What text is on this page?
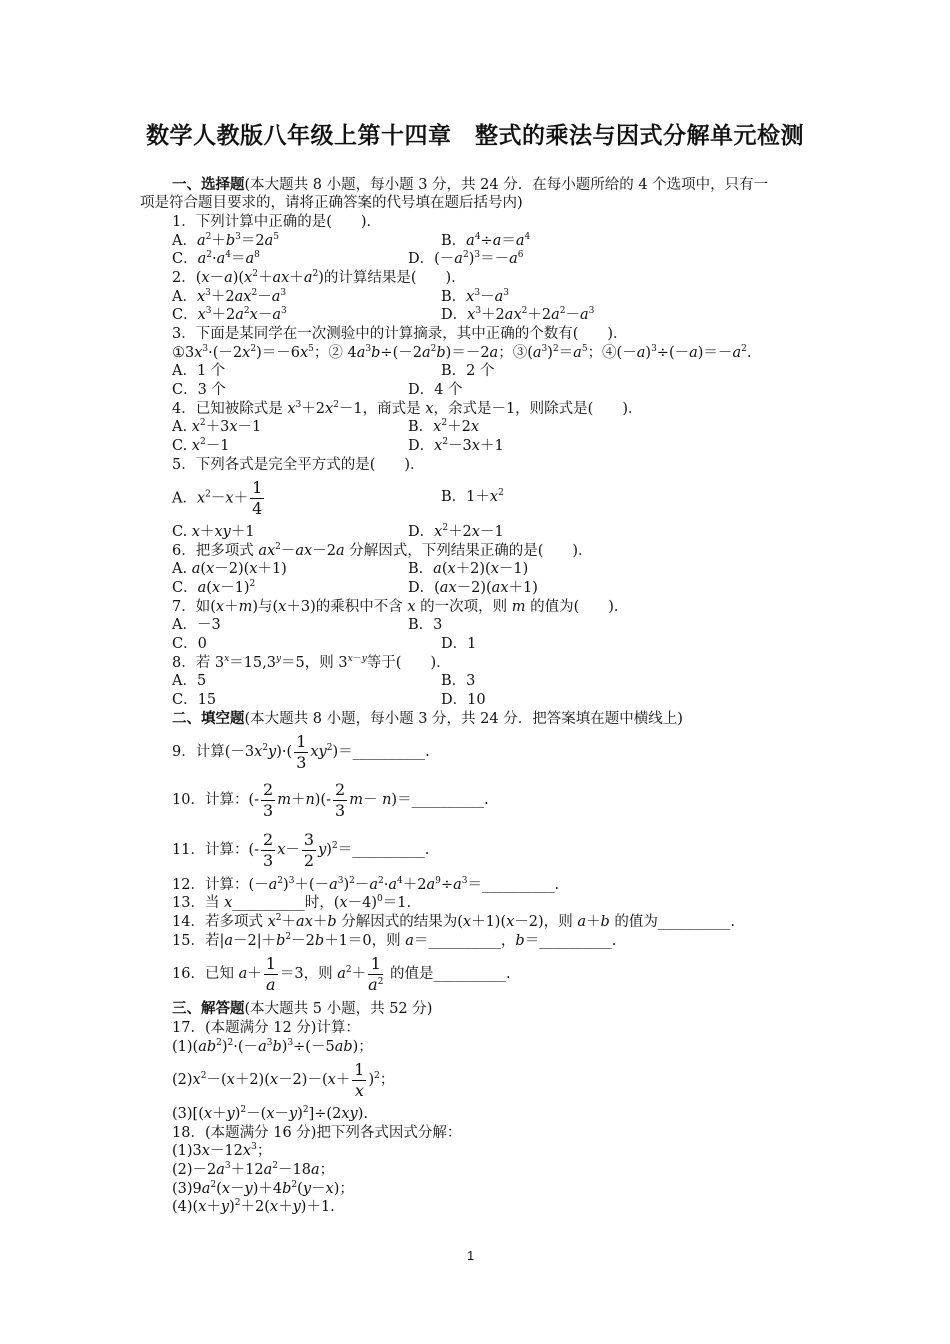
数学人教版八年级上第十四章　整式的乘法与因式分解单元检测
一、选择题(本大题共 8 小题，每小题 3 分，共 24 分．在每小题所给的 4 个选项中，只有一
项是符合题目要求的，请将正确答案的代号填在题后括号内)
1．下列计算中正确的是(　　)．
A．$a^2+b^3=2a^5$	B．$a^4\div a=a^4$
C．$a^2\cdot a^4=a^8$	D．$(-a^2)^3=-a^6$
2．$(x-a)(x^2+ax+a^2)$的计算结果是(　　)．
A．$x^3+2ax^2-a^3$	B．$x^3-a^3$
C．$x^3+2a^2x-a^3$	D．$x^3+2ax^2+2a^2-a^3$
3．下面是某同学在一次测验中的计算摘录，其中正确的个数有(　　)．
$①3x^3\cdot(-2x^2)=-6x^5$；② $4a^3b\div(-2a^2b)=-2a$；$③(a^3)^2=a^5$；$④(-a)^3\div(-a)=-a^2$.
A．1 个	B．2 个
C．3 个	D．4 个
4．已知被除式是 $x^3+2x^2-1$，商式是 x，余式是－1，则除式是(　　)．
A. $x^2+3x-1$	B．$x^2+2x$
C. $x^2-1$	D．$x^2-3x+1$
5．下列各式是完全平方式的是(　　)．
A．$x^2-x+ \frac{1}{4}$	B．$1+x^2$
C. x＋xy＋1	D．$x^2+2x-1$
6．把多项式 $ax^2-ax-2a$ 分解因式，下列结果正确的是(　　)．
A. a(x－2)(x＋1)	B．a(x＋2)(x－1)
C．$a(x-1)^2$	D．(ax－2)(ax＋1)
7．如(x＋m)与(x＋3)的乘积中不含 x 的一次项，则 m 的值为(　　)．
A．－3	B．3
C．0	D．1
8．若 $3^x=15,3^y=5$，则 $3^{x-y}$等于(　　)．
A．5	B．3
C．15	D．10
二、填空题(本大题共 8 小题，每小题 3 分，共 24 分．把答案填在题中横线上)
9．计算$(-3x^2y)\cdot( \frac{1}{3}$ $xy^2)=\_\_\_\_\_\_\_\_\_\_$.
10．计算：(- $\frac{2}{3} m+n)(- \frac{2}{3} m-$ n)＝__________.
11．计算：(- $\frac{2}{3} x- \frac{3}{2}$ y)$^2$＝__________.
12．计算：$(-a^2)^3+(-a^3)^2-a^2\cdot a^4+2a^9\div a^3=\_\_\_\_\_\_\_\_\_\_$.
13．当 x__________时，$(x-4)^0=1$.
14．若多项式 $x^2+ax+b$ 分解因式的结果为(x＋1)(x－2)，则 a＋b 的值为__________.
15．若$|a-2|+b^2-2b+1=0$，则 a＝__________，b＝__________.
16．已知 $a+ \frac{1}{a} =3$，则 $a^2+ \frac{1}{a^2}$ 的值是__________.
三、解答题(本大题共 5 小题，共 52 分)
17．(本题满分 12 分)计算：
$(1)(ab^2)^2\cdot(-a^3b)^3\div(-5ab)$；
$(2)x^2-(x+2)(x-2)-(x+ \frac{1}{x} )^2$；
$(3)[(x+y)^2-(x-y)^2]\div(2xy)$.
18．(本题满分 16 分)把下列各式因式分解：
$(1)3x-12x^3$；
$(2)-2a^3+12a^2-18a$；
$(3)9a^2(x-y)+4b^2(y-x)$；
$(4)(x+y)^2+2(x+y)+1$.
1
